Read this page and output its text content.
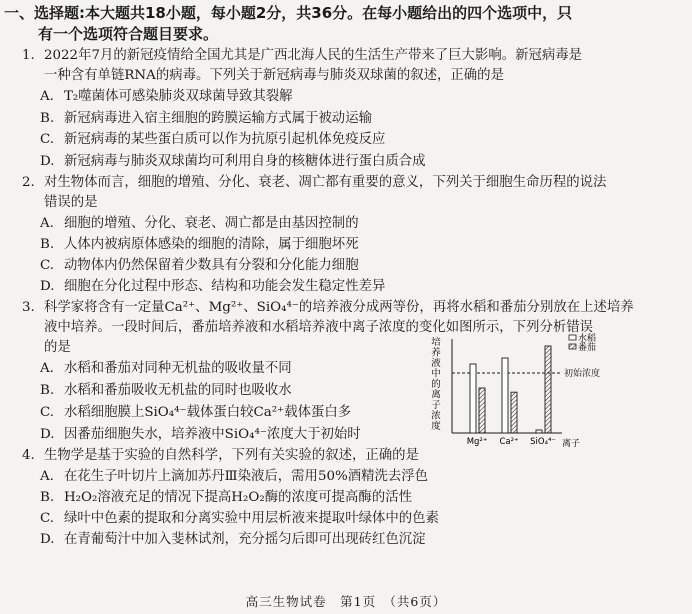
一、选择题:本大题共18小题，每小题2分，共36分。在每小题给出的四个选项中，只
有一个选项符合题目要求。
1. 2022年7月的新冠疫情给全国尤其是广西北海人民的生活生产带来了巨大影响。新冠病毒是
一种含有单链RNA的病毒。下列关于新冠病毒与肺炎双球菌的叙述，正确的是
A. T₂噬菌体可感染肺炎双球菌导致其裂解
B. 新冠病毒进入宿主细胞的跨膜运输方式属于被动运输
C. 新冠病毒的某些蛋白质可以作为抗原引起机体免疫反应
D. 新冠病毒与肺炎双球菌均可利用自身的核糖体进行蛋白质合成
2. 对生物体而言，细胞的增殖、分化、衰老、凋亡都有重要的意义，下列关于细胞生命历程的说法
错误的是
A. 细胞的增殖、分化、衰老、凋亡都是由基因控制的
B. 人体内被病原体感染的细胞的清除，属于细胞坏死
C. 动物体内仍然保留着少数具有分裂和分化能力细胞
D. 细胞在分化过程中形态、结构和功能会发生稳定性差异
3. 科学家将含有一定量Ca²⁺、Mg²⁺、SiO₄⁴⁻的培养液分成两等份，再将水稻和番茄分别放在上述培养
液中培养。一段时间后，番茄培养液和水稻培养液中离子浓度的变化如图所示，下列分析错误
的是
A. 水稻和番茄对同种无机盐的吸收量不同
B. 水稻和番茄吸收无机盐的同时也吸收水
C. 水稻细胞膜上SiO₄⁴⁻载体蛋白较Ca²⁺载体蛋白多
D. 因番茄细胞失水，培养液中SiO₄⁴⁻浓度大于初始时
培
养
液
中
的
离
子
浓
度
初始浓度
水稻
番茄
Mg²⁺ Ca²⁺ SiO₄⁴⁻ 离子
4. 生物学是基于实验的自然科学，下列有关实验的叙述，正确的是
A. 在花生子叶切片上滴加苏丹Ⅲ染液后，需用50%酒精洗去浮色
B. H₂O₂溶液充足的情况下提高H₂O₂酶的浓度可提高酶的活性
C. 绿叶中色素的提取和分离实验中用层析液来提取叶绿体中的色素
D. 在青葡萄汁中加入斐林试剂，充分摇匀后即可出现砖红色沉淀
高三生物试卷　第1页　（共6页）
